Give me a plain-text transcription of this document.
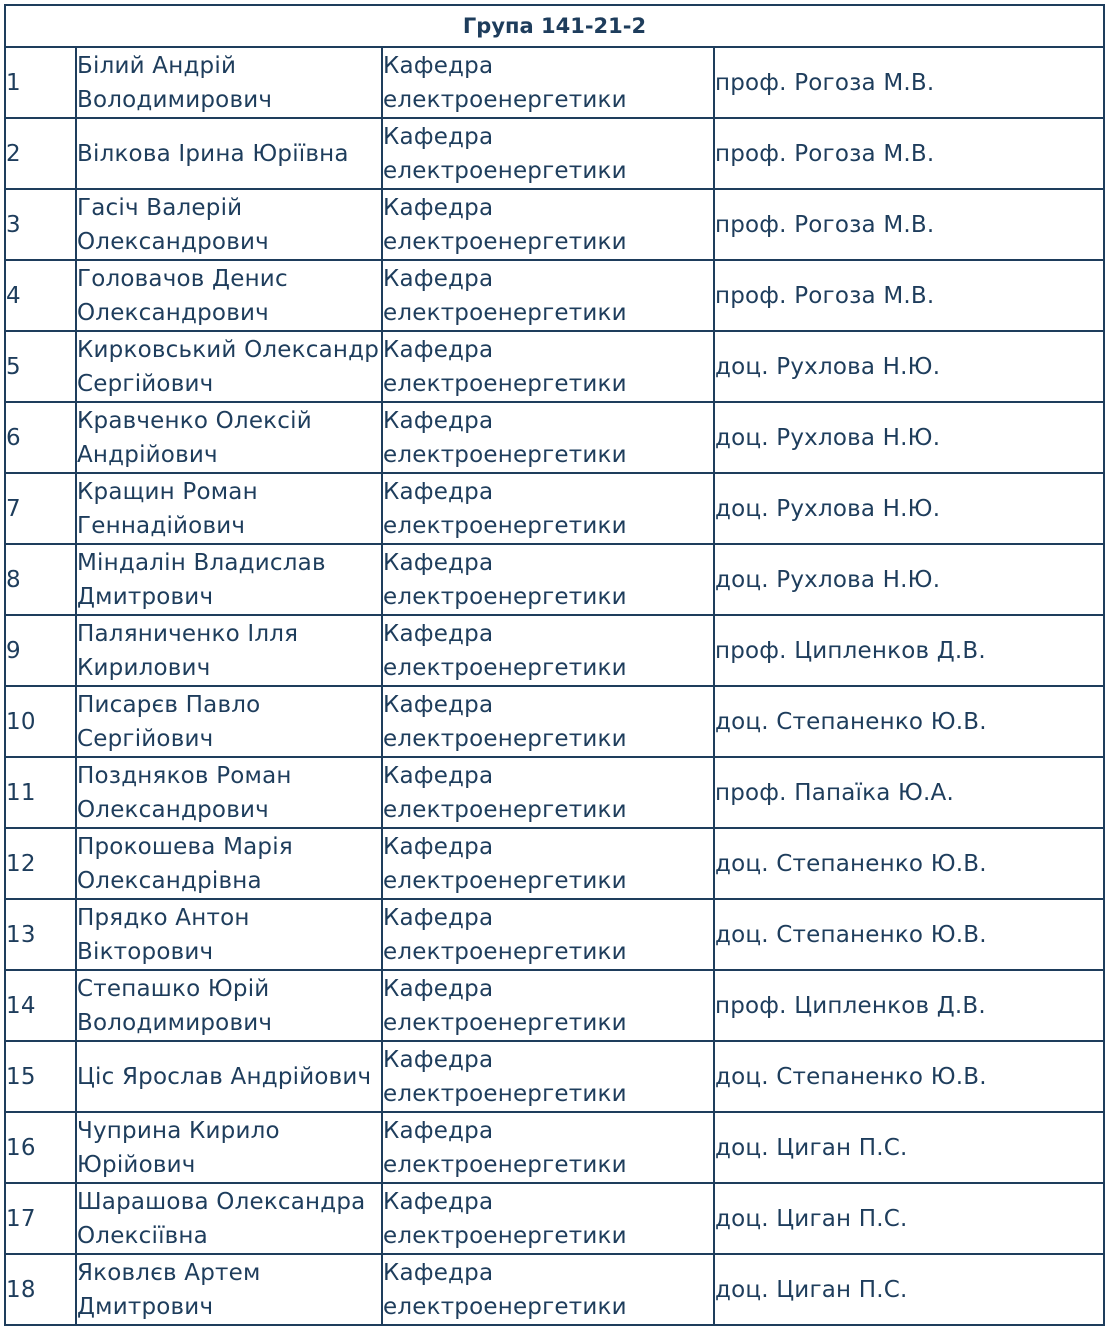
Група 141-21-2			
1	Білий Андрій Володимирович	Кафедра електроенергетики	проф. Рогоза М.В.
2	Вілкова Ірина Юріївна	Кафедра електроенергетики	проф. Рогоза М.В.
3	Гасіч Валерій Олександрович	Кафедра електроенергетики	проф. Рогоза М.В.
4	Головачов Денис Олександрович	Кафедра електроенергетики	проф. Рогоза М.В.
5	Кирковський Олександр Сергійович	Кафедра електроенергетики	доц. Рухлова Н.Ю.
6	Кравченко Олексій Андрійович	Кафедра електроенергетики	доц. Рухлова Н.Ю.
7	Кращин Роман Геннадійович	Кафедра електроенергетики	доц. Рухлова Н.Ю.
8	Міндалін Владислав Дмитрович	Кафедра електроенергетики	доц. Рухлова Н.Ю.
9	Паляниченко Ілля Кирилович	Кафедра електроенергетики	проф. Ципленков Д.В.
10	Писарєв Павло Сергійович	Кафедра електроенергетики	доц. Степаненко Ю.В.
11	Поздняков Роман Олександрович	Кафедра електроенергетики	проф. Папаїка Ю.А.
12	Прокошева Марія Олександрівна	Кафедра електроенергетики	доц. Степаненко Ю.В.
13	Прядко Антон Вікторович	Кафедра електроенергетики	доц. Степаненко Ю.В.
14	Степашко Юрій Володимирович	Кафедра електроенергетики	проф. Ципленков Д.В.
15	Цiс Ярослав Андрійович	Кафедра електроенергетики	доц. Степаненко Ю.В.
16	Чуприна Кирило Юрійович	Кафедра електроенергетики	доц. Циган П.С.
17	Шарашова Олександра Олексіївна	Кафедра електроенергетики	доц. Циган П.С.
18	Яковлєв Артем Дмитрович	Кафедра електроенергетики	доц. Циган П.С.
